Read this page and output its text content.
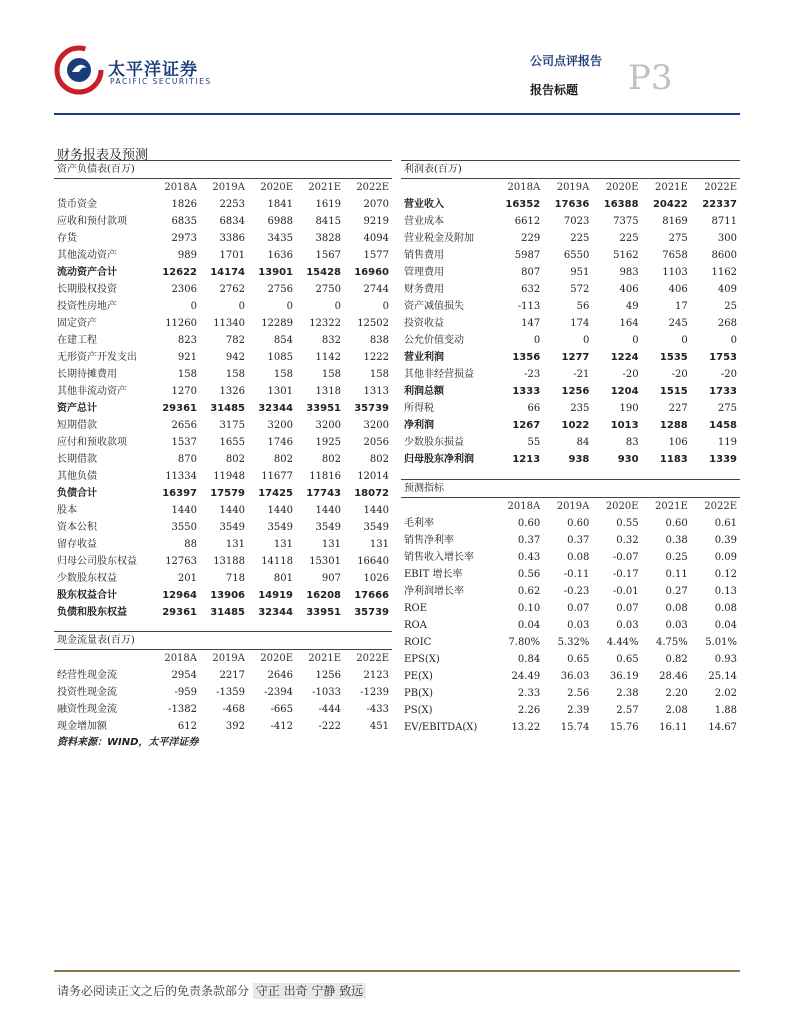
太平洋证券
PACIFIC SECURITIES
公司点评报告 P3
报告标题
财务报表及预测
资产负债表(百万)					
	2018A	2019A	2020E	2021E	2022E
货币资金	1826	2253	1841	1619	2070
应收和预付款项	6835	6834	6988	8415	9219
存货	2973	3386	3435	3828	4094
其他流动资产	989	1701	1636	1567	1577
流动资产合计	12622	14174	13901	15428	16960
长期股权投资	2306	2762	2756	2750	2744
投资性房地产	0	0	0	0	0
固定资产	11260	11340	12289	12322	12502
在建工程	823	782	854	832	838
无形资产开发支出	921	942	1085	1142	1222
长期待摊费用	158	158	158	158	158
其他非流动资产	1270	1326	1301	1318	1313
资产总计	29361	31485	32344	33951	35739
短期借款	2656	3175	3200	3200	3200
应付和预收款项	1537	1655	1746	1925	2056
长期借款	870	802	802	802	802
其他负债	11334	11948	11677	11816	12014
负债合计	16397	17579	17425	17743	18072
股本	1440	1440	1440	1440	1440
资本公积	3550	3549	3549	3549	3549
留存收益	88	131	131	131	131
归母公司股东权益	12763	13188	14118	15301	16640
少数股东权益	201	718	801	907	1026
股东权益合计	12964	13906	14919	16208	17666
负债和股东权益	29361	31485	32344	33951	35739
利润表(百万)					
	2018A	2019A	2020E	2021E	2022E
营业收入	16352	17636	16388	20422	22337
营业成本	6612	7023	7375	8169	8711
营业税金及附加	229	225	225	275	300
销售费用	5987	6550	5162	7658	8600
管理费用	807	951	983	1103	1162
财务费用	632	572	406	406	409
资产减值损失	-113	56	49	17	25
投资收益	147	174	164	245	268
公允价值变动	0	0	0	0	0
营业利润	1356	1277	1224	1535	1753
其他非经营损益	-23	-21	-20	-20	-20
利润总额	1333	1256	1204	1515	1733
所得税	66	235	190	227	275
净利润	1267	1022	1013	1288	1458
少数股东损益	55	84	83	106	119
归母股东净利润	1213	938	930	1183	1339
预测指标					
	2018A	2019A	2020E	2021E	2022E
毛利率	0.60	0.60	0.55	0.60	0.61
销售净利率	0.37	0.37	0.32	0.38	0.39
销售收入增长率	0.43	0.08	-0.07	0.25	0.09
EBIT 增长率	0.56	-0.11	-0.17	0.11	0.12
净利润增长率	0.62	-0.23	-0.01	0.27	0.13
ROE	0.10	0.07	0.07	0.08	0.08
ROA	0.04	0.03	0.03	0.03	0.04
ROIC	7.80%	5.32%	4.44%	4.75%	5.01%
EPS(X)	0.84	0.65	0.65	0.82	0.93
PE(X)	24.49	36.03	36.19	28.46	25.14
PB(X)	2.33	2.56	2.38	2.20	2.02
PS(X)	2.26	2.39	2.57	2.08	1.88
EV/EBITDA(X)	13.22	15.74	15.76	16.11	14.67
现金流量表(百万)					
	2018A	2019A	2020E	2021E	2022E
经营性现金流	2954	2217	2646	1256	2123
投资性现金流	-959	-1359	-2394	-1033	-1239
融资性现金流	-1382	-468	-665	-444	-433
现金增加额	612	392	-412	-222	451
资料来源：WIND，太平洋证券
请务必阅读正文之后的免责条款部分 守正 出奇 宁静 致远
